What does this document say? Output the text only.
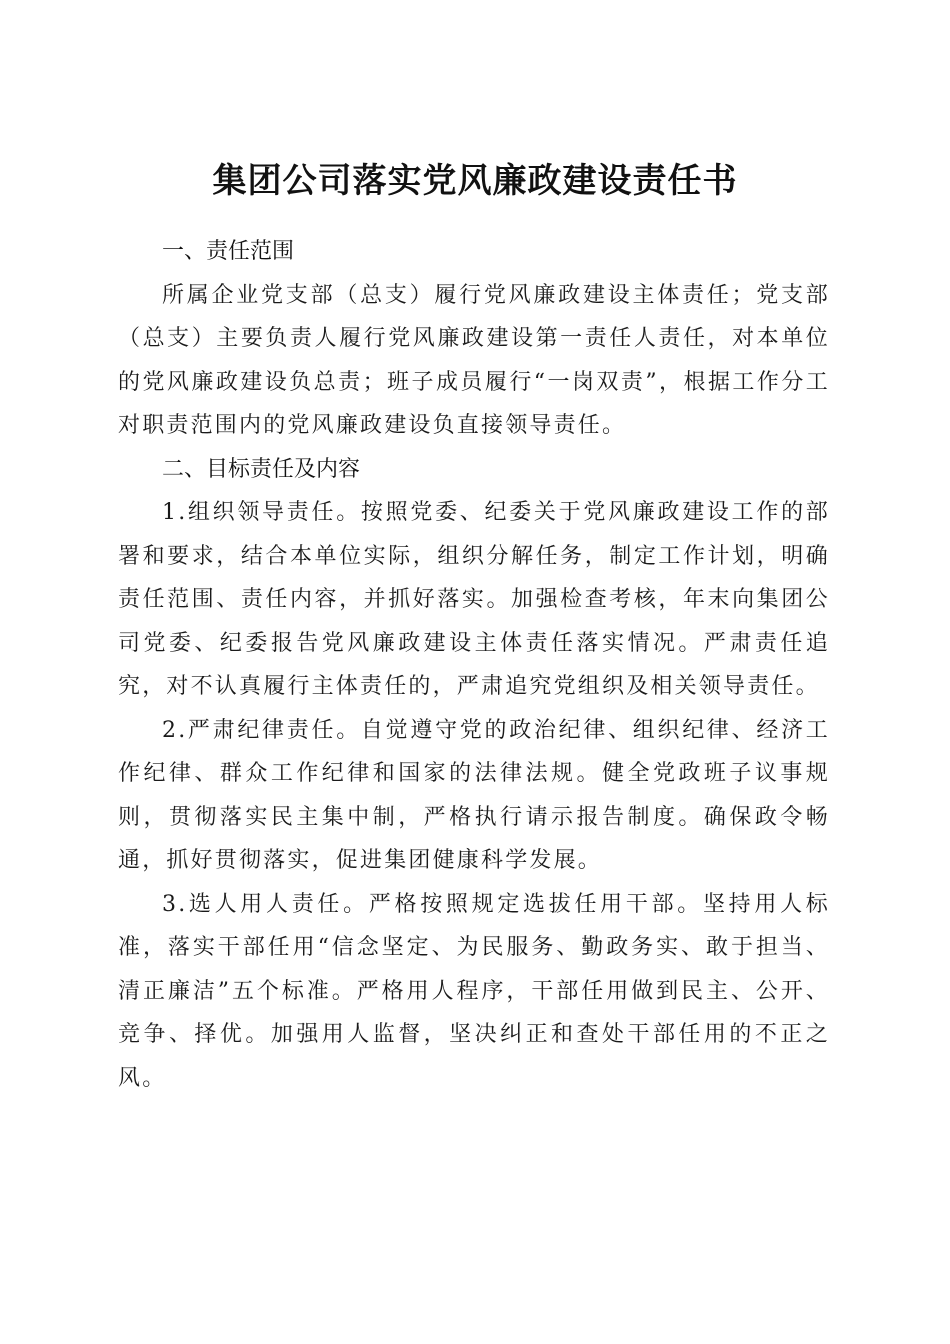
集团公司落实党风廉政建设责任书

一、责任范围

所属企业党支部（总支）履行党风廉政建设主体责任；党支部（总支）主要负责人履行党风廉政建设第一责任人责任，对本单位的党风廉政建设负总责；班子成员履行“一岗双责”，根据工作分工对职责范围内的党风廉政建设负直接领导责任。

二、目标责任及内容

1.组织领导责任。按照党委、纪委关于党风廉政建设工作的部署和要求，结合本单位实际，组织分解任务，制定工作计划，明确责任范围、责任内容，并抓好落实。加强检查考核，年末向集团公司党委、纪委报告党风廉政建设主体责任落实情况。严肃责任追究，对不认真履行主体责任的，严肃追究党组织及相关领导责任。

2.严肃纪律责任。自觉遵守党的政治纪律、组织纪律、经济工作纪律、群众工作纪律和国家的法律法规。健全党政班子议事规则，贯彻落实民主集中制，严格执行请示报告制度。确保政令畅通，抓好贯彻落实，促进集团健康科学发展。

3.选人用人责任。严格按照规定选拔任用干部。坚持用人标准，落实干部任用“信念坚定、为民服务、勤政务实、敢于担当、清正廉洁”五个标准。严格用人程序，干部任用做到民主、公开、竞争、择优。加强用人监督，坚决纠正和查处干部任用的不正之风。
